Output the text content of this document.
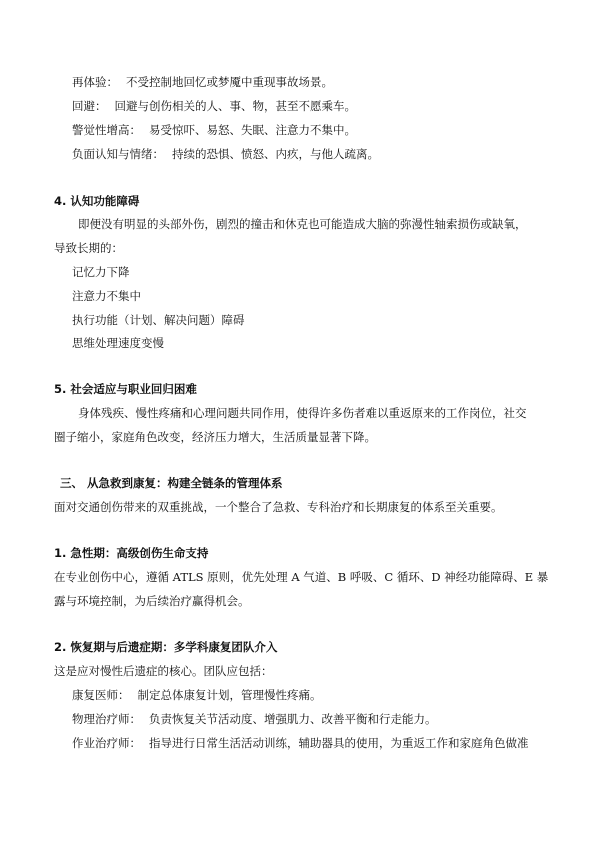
再体验： 不受控制地回忆或梦魇中重现事故场景。
回避： 回避与创伤相关的人、事、物，甚至不愿乘车。
警觉性增高： 易受惊吓、易怒、失眠、注意力不集中。
负面认知与情绪： 持续的恐惧、愤怒、内疚，与他人疏离。
4. 认知功能障碍
即便没有明显的头部外伤，剧烈的撞击和休克也可能造成大脑的弥漫性轴索损伤或缺氧，
导致长期的：
记忆力下降
注意力不集中
执行功能（计划、解决问题）障碍
思维处理速度变慢
5. 社会适应与职业回归困难
身体残疾、慢性疼痛和心理问题共同作用，使得许多伤者难以重返原来的工作岗位，社交
圈子缩小，家庭角色改变，经济压力增大，生活质量显著下降。
三、 从急救到康复：构建全链条的管理体系
面对交通创伤带来的双重挑战，一个整合了急救、专科治疗和长期康复的体系至关重要。
1. 急性期：高级创伤生命支持
在专业创伤中心，遵循 ATLS 原则，优先处理 A 气道、B 呼吸、C 循环、D 神经功能障碍、E 暴
露与环境控制，为后续治疗赢得机会。
2. 恢复期与后遗症期：多学科康复团队介入
这是应对慢性后遗症的核心。团队应包括：
康复医师： 制定总体康复计划，管理慢性疼痛。
物理治疗师： 负责恢复关节活动度、增强肌力、改善平衡和行走能力。
作业治疗师： 指导进行日常生活活动训练，辅助器具的使用，为重返工作和家庭角色做准
